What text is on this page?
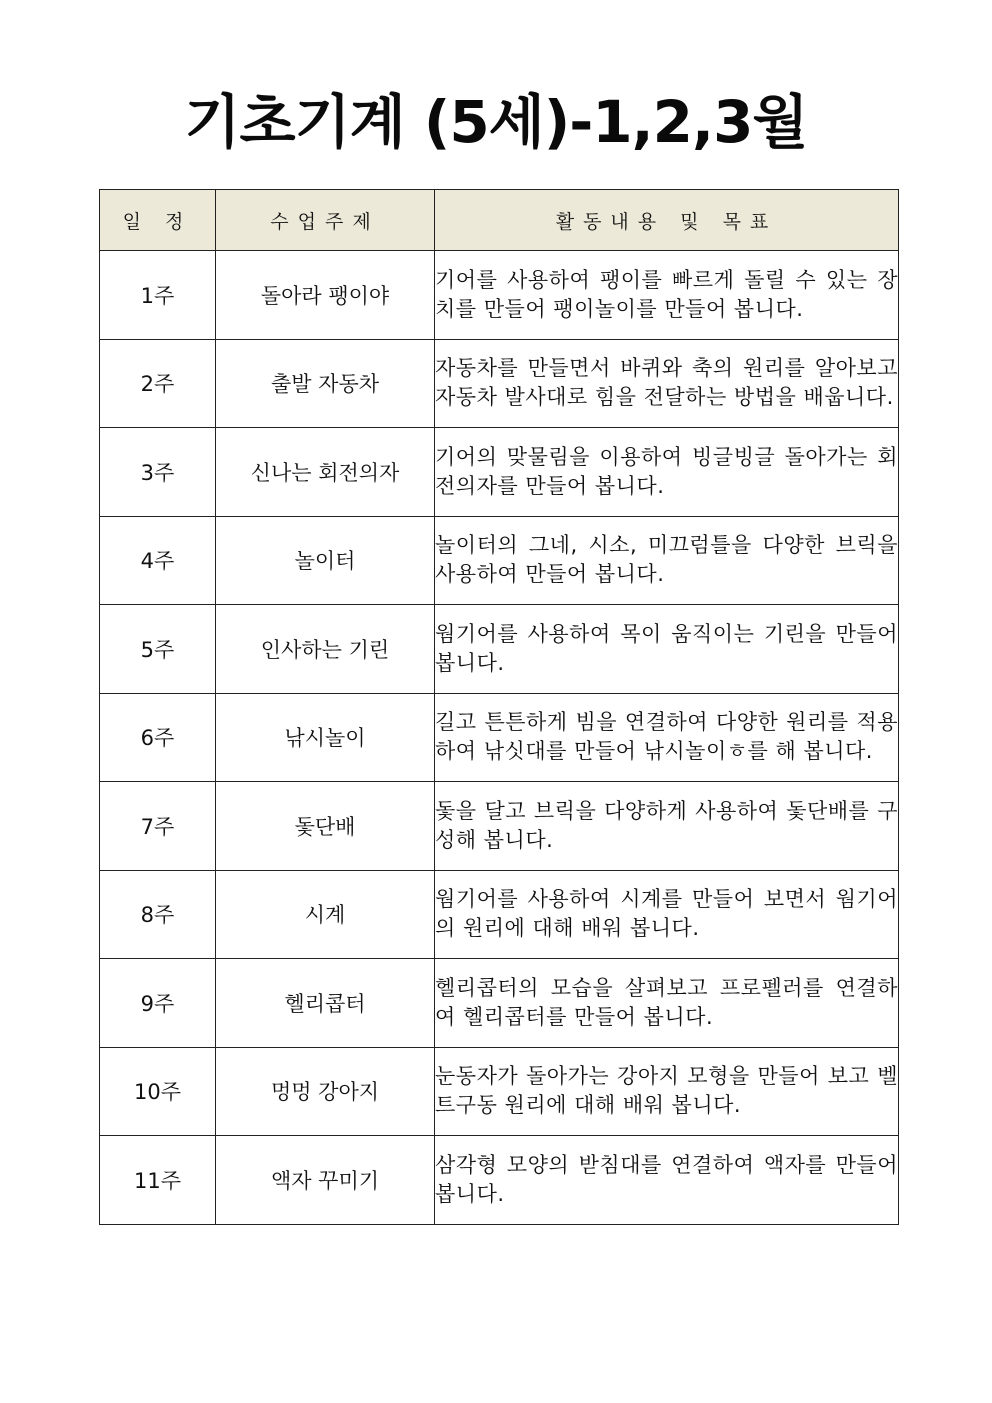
기초기계 (5세)-1,2,3월
일 정	수업주제	활동내용 및 목표
1주	돌아라 팽이야	기어를 사용하여 팽이를 빠르게 돌릴 수 있는 장치를 만들어 팽이놀이를 만들어 봅니다.
2주	출발 자동차	자동차를 만들면서 바퀴와 축의 원리를 알아보고 자동차 발사대로 힘을 전달하는 방법을 배웁니다.
3주	신나는 회전의자	기어의 맞물림을 이용하여 빙글빙글 돌아가는 회전의자를 만들어 봅니다.
4주	놀이터	놀이터의 그네, 시소, 미끄럼틀을 다양한 브릭을 사용하여 만들어 봅니다.
5주	인사하는 기린	웜기어를 사용하여 목이 움직이는 기린을 만들어 봅니다.
6주	낚시놀이	길고 튼튼하게 빔을 연결하여 다양한 원리를 적용하여 낚싯대를 만들어 낚시놀이ㅎ를 해 봅니다.
7주	돛단배	돛을 달고 브릭을 다양하게 사용하여 돛단배를 구성해 봅니다.
8주	시계	웜기어를 사용하여 시계를 만들어 보면서 웜기어의 원리에 대해 배워 봅니다.
9주	헬리콥터	헬리콥터의 모습을 살펴보고 프로펠러를 연결하여 헬리콥터를 만들어 봅니다.
10주	멍멍 강아지	눈동자가 돌아가는 강아지 모형을 만들어 보고 벨트구동 원리에 대해 배워 봅니다.
11주	액자 꾸미기	삼각형 모양의 받침대를 연결하여 액자를 만들어 봅니다.
